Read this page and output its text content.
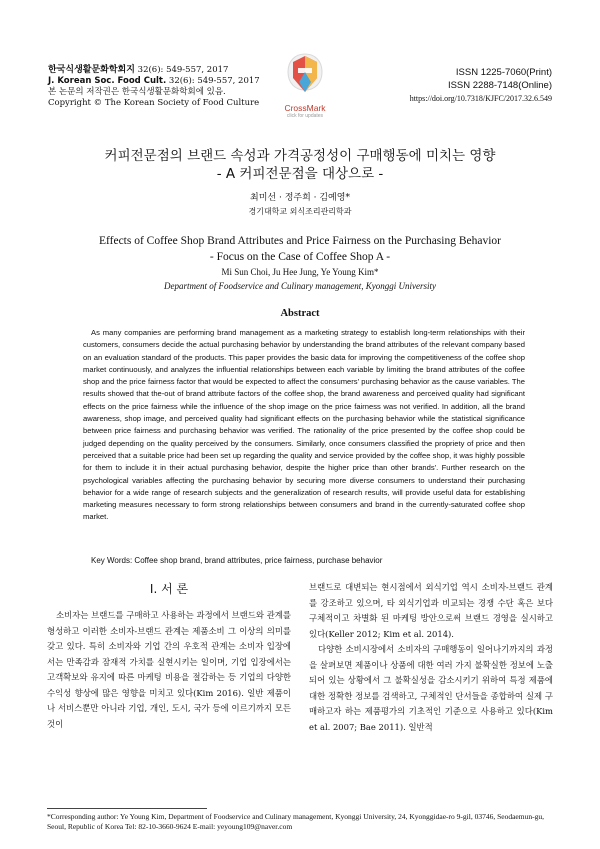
한국식생활문화학회지 32(6): 549-557, 2017
J. Korean Soc. Food Cult. 32(6): 549-557, 2017
본 논문의 저작권은 한국식생활문화학회에 있음.
Copyright © The Korean Society of Food Culture	CrossMark
click for updates
ISSN 1225-7060(Print)
ISSN 2288-7148(Online)
https://doi.org/10.7318/KJFC/2017.32.6.549
커피전문점의 브랜드 속성과 가격공정성이 구매행동에 미치는 영향
- A 커피전문점을 대상으로 -
최미선 · 정주희 · 김예영*
경기대학교 외식조리관리학과
Effects of Coffee Shop Brand Attributes and Price Fairness on the Purchasing Behavior
- Focus on the Case of Coffee Shop A -
Mi Sun Choi, Ju Hee Jung, Ye Young Kim*
Department of Foodservice and Culinary management, Kyonggi University
Abstract

As many companies are performing brand management as a marketing strategy to establish long-term relationships with their customers, consumers decide the actual purchasing behavior by understanding the brand attributes of the relevant company based on an evaluation standard of the products. This paper provides the basic data for improving the competitiveness of the coffee shop market continuously, and analyzes the influential relationships between each variable by limiting the brand attributes of the coffee shop and the price fairness factor that would be expected to affect the consumers' purchasing behavior as the cause variables. The results showed that the-out of brand attribute factors of the coffee shop, the brand awareness and perceived quality had significant effects on the price fairness while the influence of the shop image on the price fairness was not verified. In addition, all the brand awareness, shop image, and perceived quality had significant effects on the purchasing behavior while the statistical significance between price fairness and purchasing behavior was verified. The rationality of the price presented by the coffee shop could be judged depending on the quality perceived by the consumers. Similarly, once consumers classified the propriety of price and then perceived that a suitable price had been set up regarding the quality and service provided by the coffee shop, it was highly possible for them to include it in their actual purchasing behavior, despite the higher price than other brands'. Further research on the psychological variables affecting the purchasing behavior by securing more diverse consumers to understand their purchasing behavior for a wide range of research subjects and the generalization of research results, will provide useful data for establishing marketing measures necessary to form strong relationships between consumers and brand in the currently-saturated coffee shop market.

Key Words: Coffee shop brand, brand attributes, price fairness, purchase behavior
Ⅰ. 서 론

소비자는 브랜드를 구매하고 사용하는 과정에서 브랜드와 관계를 형성하고 이러한 소비자-브랜드 관계는 제품소비 그 이상의 의미를 갖고 있다. 특히 소비자와 기업 간의 우호적 관계는 소비자 입장에서는 만족감과 잠재적 가치를 실현시키는 일이며, 기업 입장에서는 고객확보와 유지에 따른 마케팅 비용을 절감하는 등 기업의 다양한 수익성 향상에 많은 영향을 미치고 있다(Kim 2016). 일반 제품이나 서비스뿐만 아니라 기업, 개인, 도시, 국가 등에 이르기까지 모든 것이

브랜드로 대변되는 현시점에서 외식기업 역시 소비자-브랜드 관계를 강조하고 있으며, 타 외식기업과 비교되는 경쟁 수단 혹은 보다 구체적이고 차별화 된 마케팅 방안으로써 브랜드 경영을 실시하고 있다(Keller 2012; Kim et al. 2014).

다양한 소비시장에서 소비자의 구매행동이 일어나기까지의 과정을 살펴보면 제품이나 상품에 대한 여러 가지 불확실한 정보에 노출되어 있는 상황에서 그 불확실성을 감소시키기 위하여 특정 제품에 대한 정확한 정보를 검색하고, 구체적인 단서들을 종합하여 실제 구매하고자 하는 제품평가의 기초적인 기준으로 사용하고 있다(Kim et al. 2007; Bae 2011). 일반적

*Corresponding author: Ye Young Kim, Department of Foodservice and Culinary management, Kyonggi University, 24, Kyonggidae-ro 9-gil, 03746, Seodaemun-gu, Seoul, Republic of Korea Tel: 82-10-3660-9624 E-mail: yeyoung109@naver.com
